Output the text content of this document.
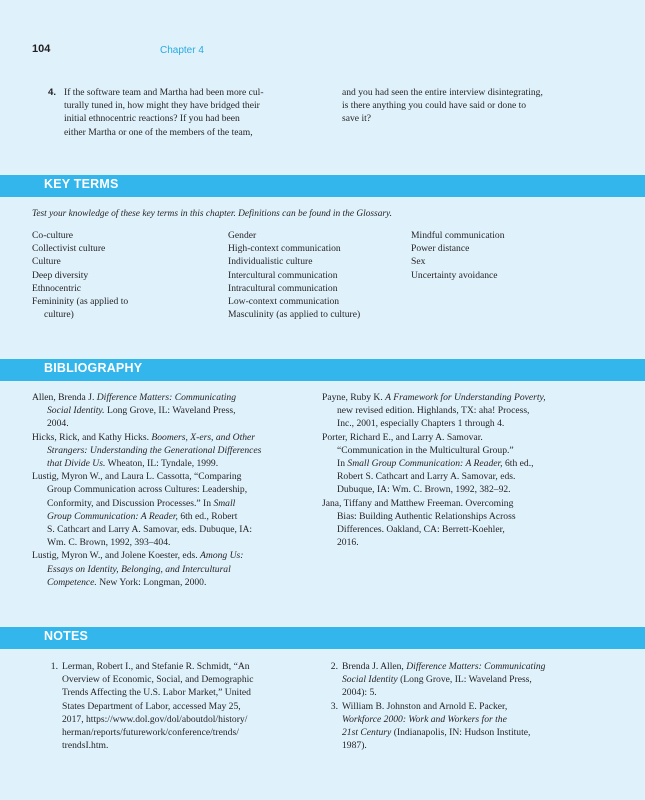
104	Chapter 4
4. If the software team and Martha had been more cul-
turally tuned in, how might they have bridged their
initial ethnocentric reactions? If you had been
either Martha or one of the members of the team,
and you had seen the entire interview disintegrating,
is there anything you could have said or done to
save it?
KEY TERMS

Test your knowledge of these key terms in this chapter. Definitions can be found in the Glossary.

Co-culture
Collectivist culture
Culture
Deep diversity
Ethnocentric
Femininity (as applied to
culture)
Gender
High-context communication
Individualistic culture
Intercultural communication
Intracultural communication
Low-context communication
Masculinity (as applied to culture)
Mindful communication
Power distance
Sex
Uncertainty avoidance
BIBLIOGRAPHY
Allen, Brenda J. Difference Matters: Communicating
Social Identity. Long Grove, IL: Waveland Press,
2004.
Hicks, Rick, and Kathy Hicks. Boomers, X-ers, and Other
Strangers: Understanding the Generational Differences
that Divide Us. Wheaton, IL: Tyndale, 1999.
Lustig, Myron W., and Laura L. Cassotta, “Comparing
Group Communication across Cultures: Leadership,
Conformity, and Discussion Processes.” In Small
Group Communication: A Reader, 6th ed., Robert
S. Cathcart and Larry A. Samovar, eds. Dubuque, IA:
Wm. C. Brown, 1992, 393–404.
Lustig, Myron W., and Jolene Koester, eds. Among Us:
Essays on Identity, Belonging, and Intercultural
Competence. New York: Longman, 2000.
Payne, Ruby K. A Framework for Understanding Poverty,
new revised edition. Highlands, TX: aha! Process,
Inc., 2001, especially Chapters 1 through 4.
Porter, Richard E., and Larry A. Samovar.
“Communication in the Multicultural Group.”
In Small Group Communication: A Reader, 6th ed.,
Robert S. Cathcart and Larry A. Samovar, eds.
Dubuque, IA: Wm. C. Brown, 1992, 382–92.
Jana, Tiffany and Matthew Freeman. Overcoming
Bias: Building Authentic Relationships Across
Differences. Oakland, CA: Berrett-Koehler,
2016.
NOTES
1. Lerman, Robert I., and Stefanie R. Schmidt, “An
Overview of Economic, Social, and Demographic
Trends Affecting the U.S. Labor Market,” United
States Department of Labor, accessed May 25,
2017, https://www.dol.gov/dol/aboutdol/history/
herman/reports/futurework/conference/trends/
trendsI.htm.
2. Brenda J. Allen, Difference Matters: Communicating
Social Identity (Long Grove, IL: Waveland Press,
2004): 5.
3. William B. Johnston and Arnold E. Packer,
Workforce 2000: Work and Workers for the
21st Century (Indianapolis, IN: Hudson Institute,
1987).
